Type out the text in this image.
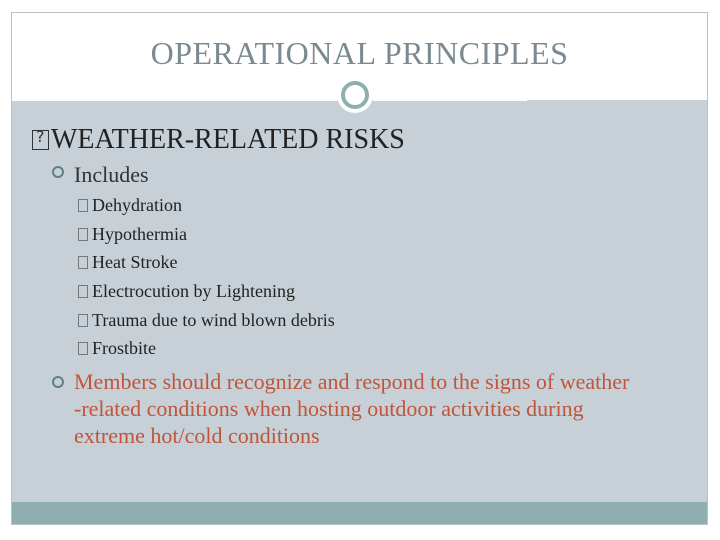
OPERATIONAL PRINCIPLES
?WEATHER-RELATED RISKS
Includes
Dehydration
Hypothermia
Heat Stroke
Electrocution by Lightening
Trauma due to wind blown debris
Frostbite
Members should recognize and respond to the signs of weather
-related conditions when hosting outdoor activities during
extreme hot/cold conditions
